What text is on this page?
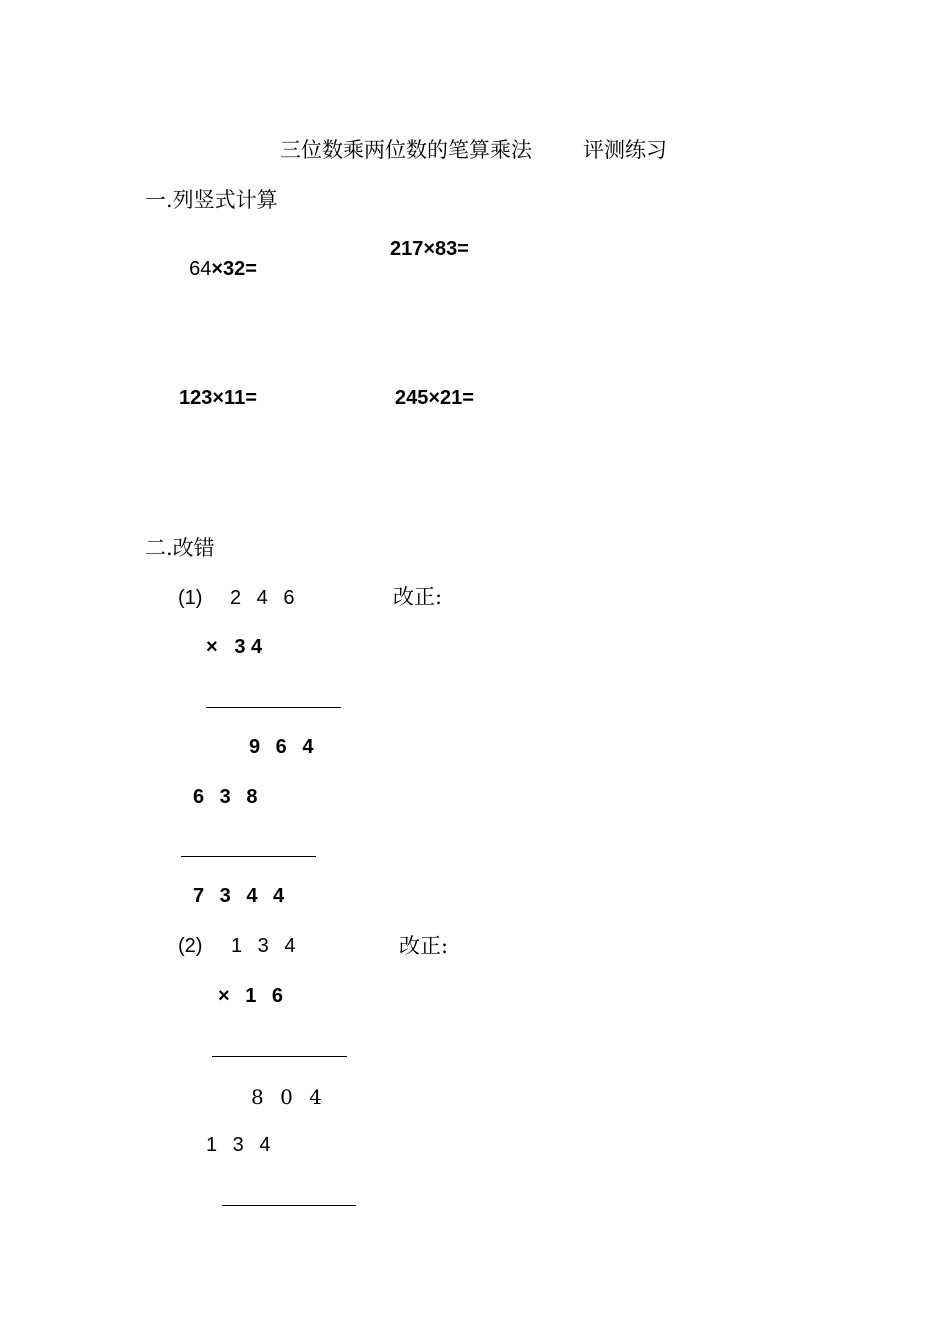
三位数乘两位数的笔算乘法 评测练习
一.列竖式计算

64×32=

217×83=
123×11=	245×21=
二.改错
(1) 2 4 6	改正:
×   3 4
9 6 4
6 3 8
7 3 4 4
(2) 1 3 4	改正:
× 1 6
8 0 4
1 3 4
